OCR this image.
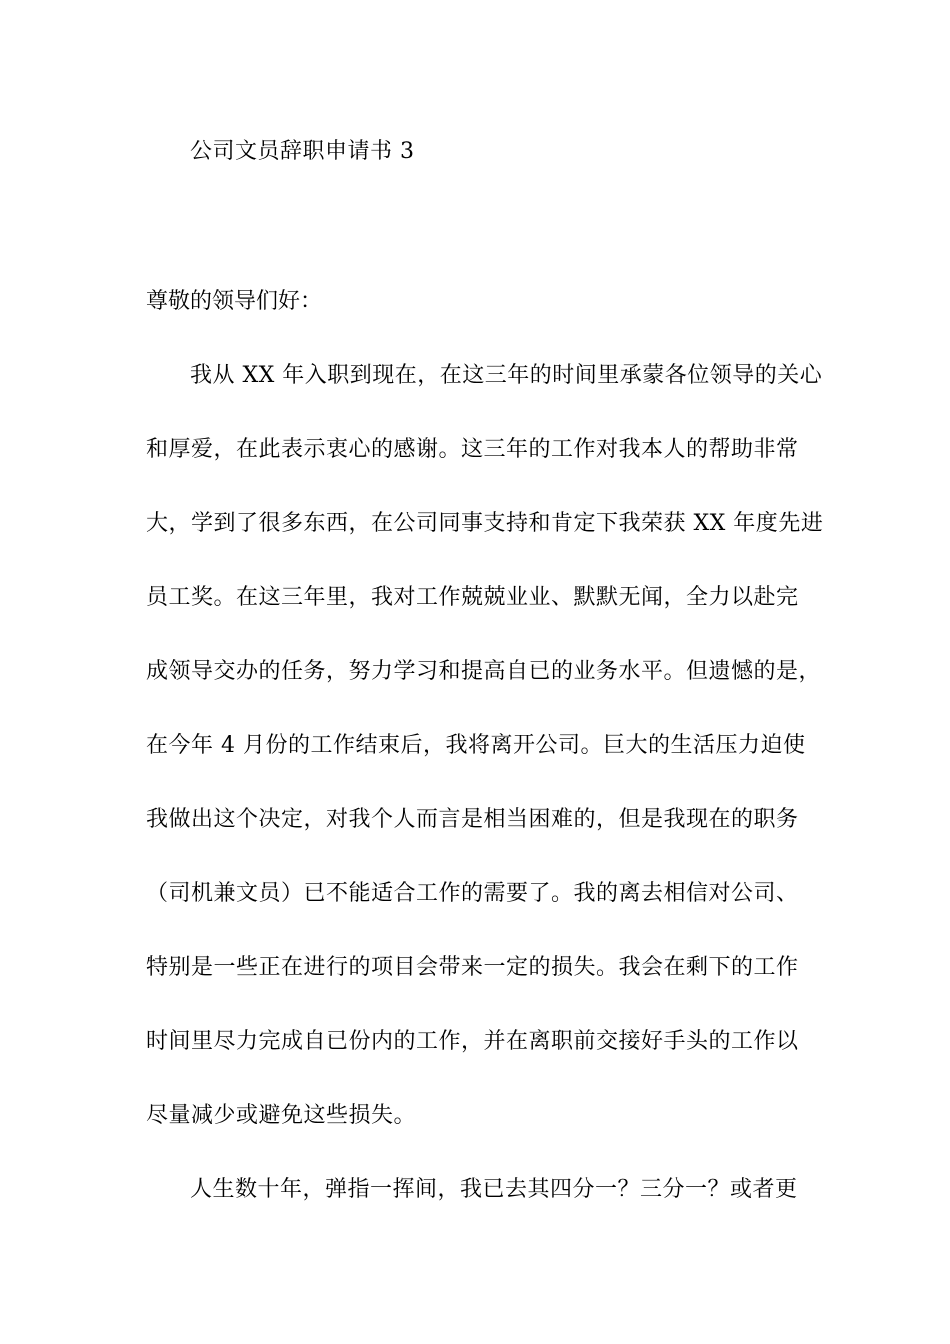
公司文员辞职申请书 3
尊敬的领导们好：
我从 XX 年入职到现在，在这三年的时间里承蒙各位领导的关心
和厚爱，在此表示衷心的感谢。这三年的工作对我本人的帮助非常
大，学到了很多东西，在公司同事支持和肯定下我荣获 XX 年度先进
员工奖。在这三年里，我对工作兢兢业业、默默无闻，全力以赴完
成领导交办的任务，努力学习和提高自已的业务水平。但遗憾的是，
在今年 4 月份的工作结束后，我将离开公司。巨大的生活压力迫使
我做出这个决定，对我个人而言是相当困难的，但是我现在的职务
（司机兼文员）已不能适合工作的需要了。我的离去相信对公司、
特别是一些正在进行的项目会带来一定的损失。我会在剩下的工作
时间里尽力完成自已份内的工作，并在离职前交接好手头的工作以
尽量减少或避免这些损失。
人生数十年，弹指一挥间，我已去其四分一？三分一？或者更
